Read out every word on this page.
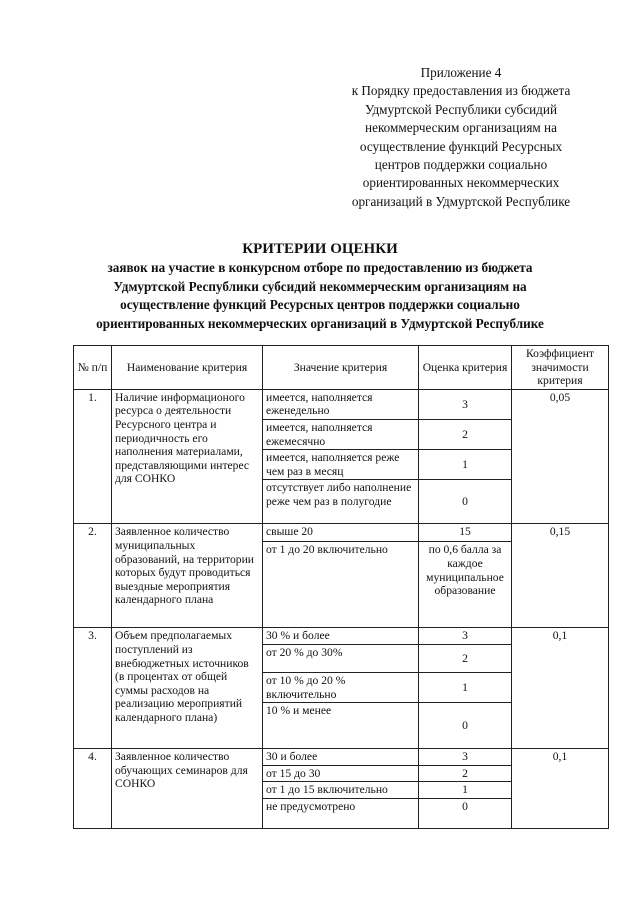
Приложение 4
к Порядку предоставления из бюджета
Удмуртской Республики субсидий
некоммерческим организациям на
осуществление функций Ресурсных
центров поддержки социально
ориентированных некоммерческих
организаций в Удмуртской Республике
КРИТЕРИИ ОЦЕНКИ
заявок на участие в конкурсном отборе по предоставлению из бюджета
Удмуртской Республики субсидий некоммерческим организациям на
осуществление функций Ресурсных центров поддержки социально
ориентированных некоммерческих организаций в Удмуртской Республике
№ п/п	Наименование критерия	Значение критерия	Оценка критерия	Коэффициент значимости критерия
1.	Наличие информационого ресурса о деятельности Ресурсного центра и периодичность его наполнения материалами, представляющими интерес для СОНКО	имеется, наполняется еженедельно	3	0,05
		имеется, наполняется ежемесячно	2	
		имеется, наполняется реже чем раз в месяц	1	
		отсутствует либо наполнение реже чем раз в полугодие	0	
2.	Заявленное количество муниципальных образований, на территории которых будут проводиться выездные мероприятия календарного плана	свыше 20	15	0,15
		от 1 до 20 включительно	по 0,6 балла за каждое муниципальное образование	
3.	Объем предполагаемых поступлений из внебюджетных источников (в процентах от общей суммы расходов на реализацию мероприятий календарного плана)	30 % и более	3	0,1
		от 20 % до 30%	2	
		от 10 % до 20 % включительно	1	
		10 % и менее	0	
4.	Заявленное количество обучающих семинаров для СОНКО	30 и более	3	0,1
		от 15 до 30	2	
		от 1 до 15 включительно	1	
		не предусмотрено	0	
